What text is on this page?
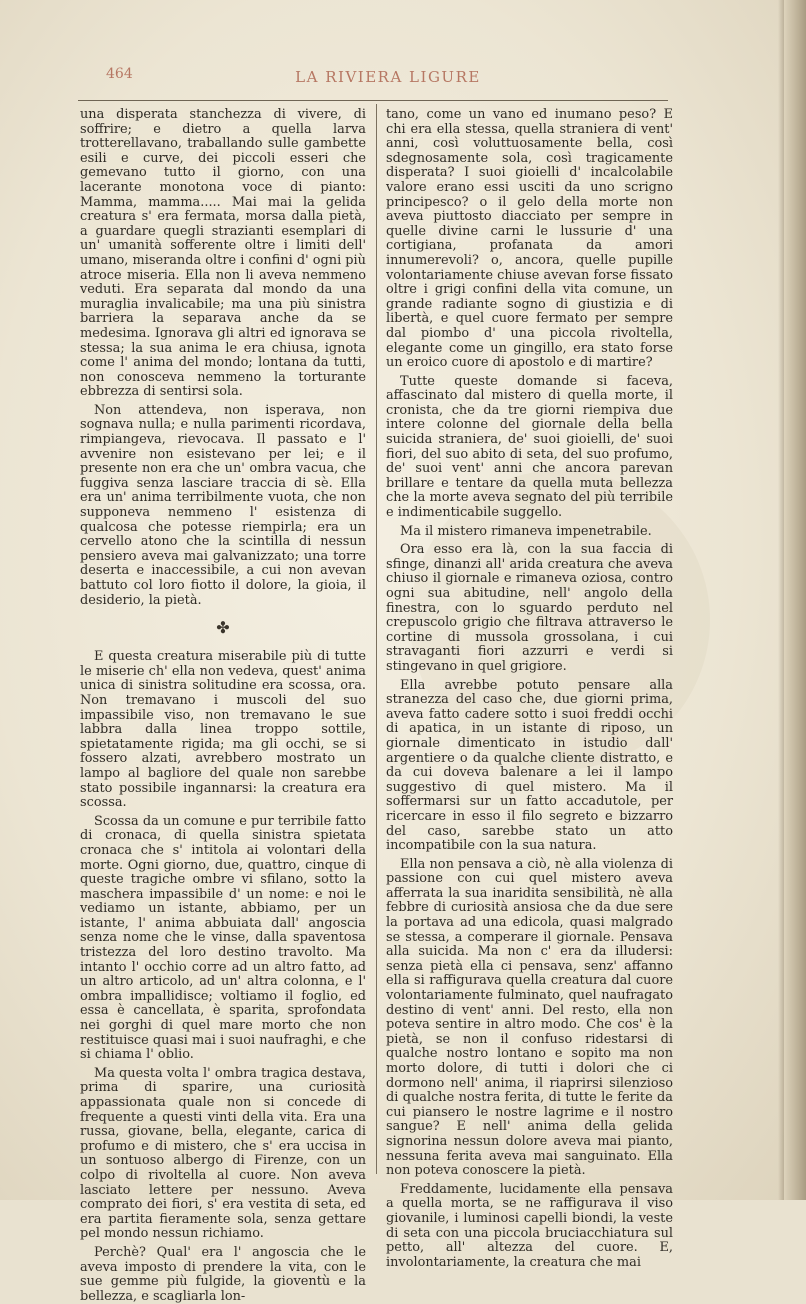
464	LA RIVIERA LIGURE

una disperata stanchezza di vivere, di soffrire; e dietro a quella larva trotterellavano, traballando sulle gambette esili e curve, dei piccoli esseri che gemevano tutto il giorno, con una lacerante monotona voce di pianto: Mamma, mamma..... Mai mai la gelida creatura s' era fermata, morsa dalla pietà, a guardare quegli strazianti esemplari di un' umanità sofferente oltre i limiti dell' umano, miseranda oltre i confini d' ogni più atroce miseria. Ella non li aveva nemmeno veduti. Era separata dal mondo da una muraglia invalicabile; ma una più sinistra barriera la separava anche da se medesima. Ignorava gli altri ed ignorava se stessa; la sua anima le era chiusa, ignota come l' anima del mondo; lontana da tutti, non conosceva nemmeno la torturante ebbrezza di sentirsi sola.

Non attendeva, non isperava, non sognava nulla; e nulla parimenti ricordava, rimpiangeva, rievocava. Il passato e l' avvenire non esistevano per lei; e il presente non era che un' ombra vacua, che fuggiva senza lasciare traccia di sè. Ella era un' anima terribilmente vuota, che non supponeva nemmeno l' esistenza di qualcosa che potesse riempirla; era un cervello atono che la scintilla di nessun pensiero aveva mai galvanizzato; una torre deserta e inaccessibile, a cui non avevan battuto col loro fiotto il dolore, la gioia, il desiderio, la pietà.

✤

E questa creatura miserabile più di tutte le miserie ch' ella non vedeva, quest' anima unica di sinistra solitudine era scossa, ora. Non tremavano i muscoli del suo impassibile viso, non tremavano le sue labbra dalla linea troppo sottile, spietatamente rigida; ma gli occhi, se si fossero alzati, avrebbero mostrato un lampo al bagliore del quale non sarebbe stato possibile ingannarsi: la creatura era scossa.

Scossa da un comune e pur terribile fatto di cronaca, di quella sinistra spietata cronaca che s' intitola ai volontari della morte. Ogni giorno, due, quattro, cinque di queste tragiche ombre vi sfilano, sotto la maschera impassibile d' un nome: e noi le vediamo un istante, abbiamo, per un istante, l' anima abbuiata dall' angoscia senza nome che le vinse, dalla spaventosa tristezza del loro destino travolto. Ma intanto l' occhio corre ad un altro fatto, ad un altro articolo, ad un' altra colonna, e l' ombra impallidisce; voltiamo il foglio, ed essa è cancellata, è sparita, sprofondata nei gorghi di quel mare morto che non restituisce quasi mai i suoi naufraghi, e che si chiama l' oblio.

Ma questa volta l' ombra tragica destava, prima di sparire, una curiosità appassionata quale non si concede di frequente a questi vinti della vita. Era una russa, giovane, bella, elegante, carica di profumo e di mistero, che s' era uccisa in un sontuoso albergo di Firenze, con un colpo di rivoltella al cuore. Non aveva lasciato lettere per nessuno. Aveva comprato dei fiori, s' era vestita di seta, ed era partita fieramente sola, senza gettare pel mondo nessun richiamo.

Perchè? Qual' era l' angoscia che le aveva imposto di prendere la vita, con le sue gemme più fulgide, la gioventù e la bellezza, e scagliarla lon-

tano, come un vano ed inumano peso? E chi era ella stessa, quella straniera di vent' anni, così voluttuosamente bella, così sdegnosamente sola, così tragicamente disperata? I suoi gioielli d' incalcolabile valore erano essi usciti da uno scrigno principesco? o il gelo della morte non aveva piuttosto diacciato per sempre in quelle divine carni le lussurie d' una cortigiana, profanata da amori innumerevoli? o, ancora, quelle pupille volontariamente chiuse avevan forse fissato oltre i grigi confini della vita comune, un grande radiante sogno di giustizia e di libertà, e quel cuore fermato per sempre dal piombo d' una piccola rivoltella, elegante come un gingillo, era stato forse un eroico cuore di apostolo e di martire?

Tutte queste domande si faceva, affascinato dal mistero di quella morte, il cronista, che da tre giorni riempiva due intere colonne del giornale della bella suicida straniera, de' suoi gioielli, de' suoi fiori, del suo abito di seta, del suo profumo, de' suoi vent' anni che ancora parevan brillare e tentare da quella muta bellezza che la morte aveva segnato del più terribile e indimenticabile suggello.

Ma il mistero rimaneva impenetrabile.

Ora esso era là, con la sua faccia di sfinge, dinanzi all' arida creatura che aveva chiuso il giornale e rimaneva oziosa, contro ogni sua abitudine, nell' angolo della finestra, con lo sguardo perduto nel crepuscolo grigio che filtrava attraverso le cortine di mussola grossolana, i cui stravaganti fiori azzurri e verdi si stingevano in quel grigiore.

Ella avrebbe potuto pensare alla stranezza del caso che, due giorni prima, aveva fatto cadere sotto i suoi freddi occhi di apatica, in un istante di riposo, un giornale dimenticato in istudio dall' argentiere o da qualche cliente distratto, e da cui doveva balenare a lei il lampo suggestivo di quel mistero. Ma il soffermarsi sur un fatto accadutole, per ricercare in esso il filo segreto e bizzarro del caso, sarebbe stato un atto incompatibile con la sua natura.

Ella non pensava a ciò, nè alla violenza di passione con cui quel mistero aveva afferrata la sua inaridita sensibilità, nè alla febbre di curiosità ansiosa che da due sere la portava ad una edicola, quasi malgrado se stessa, a comperare il giornale. Pensava alla suicida. Ma non c' era da illudersi: senza pietà ella ci pensava, senz' affanno ella si raffigurava quella creatura dal cuore volontariamente fulminato, quel naufragato destino di vent' anni. Del resto, ella non poteva sentire in altro modo. Che cos' è la pietà, se non il confuso ridestarsi di qualche nostro lontano e sopito ma non morto dolore, di tutti i dolori che ci dormono nell' anima, il riaprirsi silenzioso di qualche nostra ferita, di tutte le ferite da cui piansero le nostre lagrime e il nostro sangue? E nell' anima della gelida signorina nessun dolore aveva mai pianto, nessuna ferita aveva mai sanguinato. Ella non poteva conoscere la pietà.

Freddamente, lucidamente ella pensava a quella morta, se ne raffigurava il viso giovanile, i luminosi capelli biondi, la veste di seta con una piccola bruciacchiatura sul petto, all' altezza del cuore. E, involontariamente, la creatura che mai
